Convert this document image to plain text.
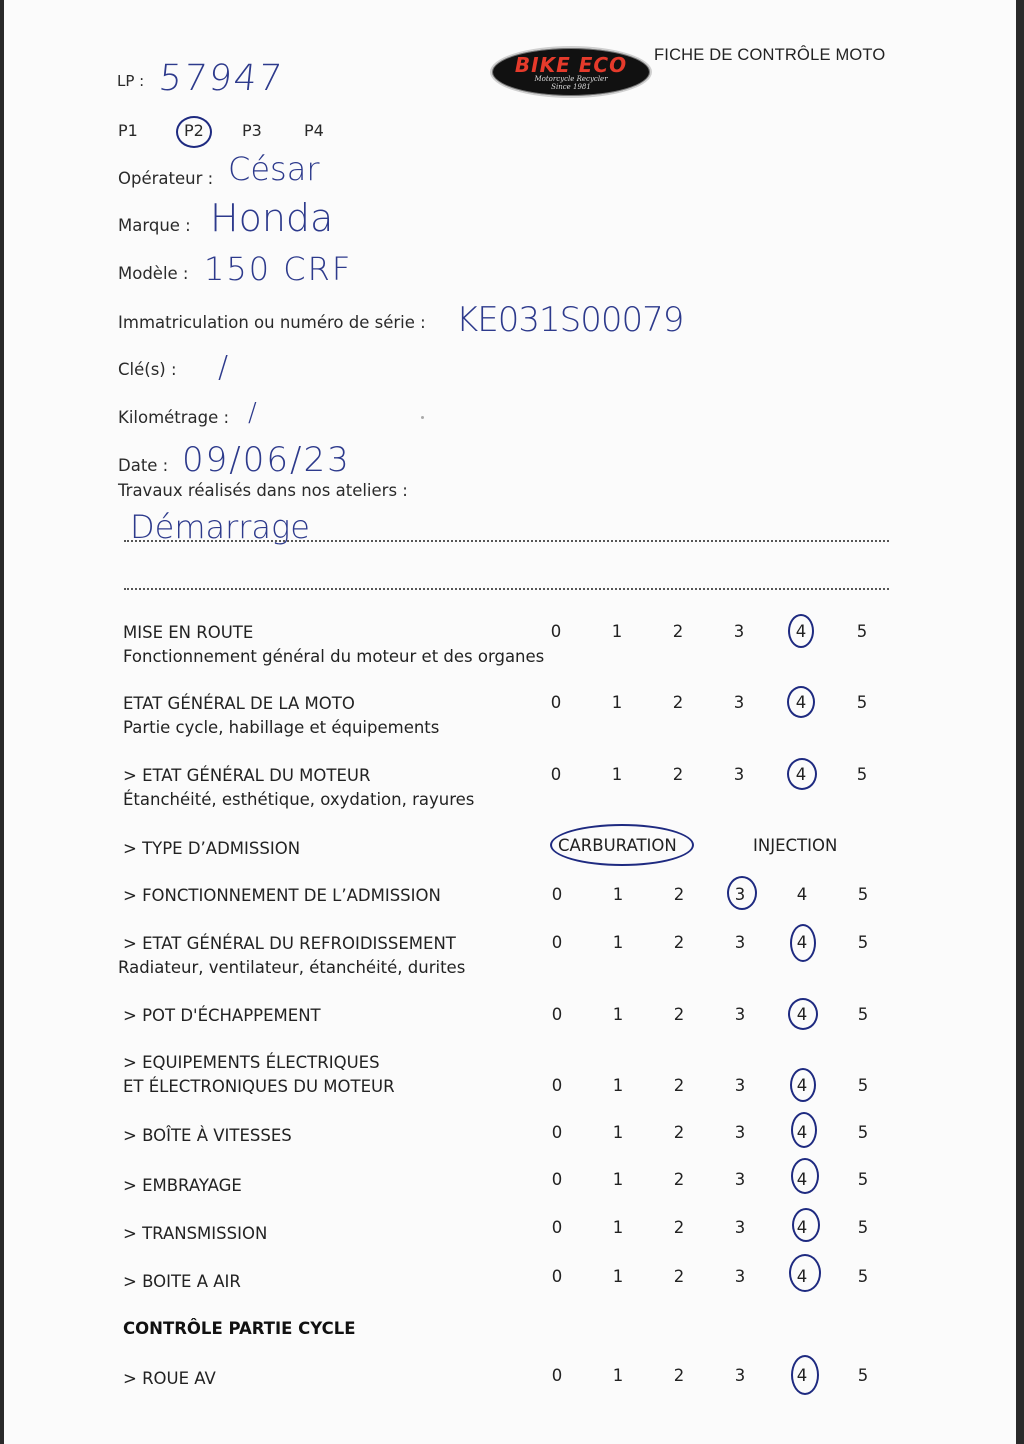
BIKE ECO
Motorcycle Recycler
Since 1981
FICHE DE CONTRÔLE MOTO
LP : 57947
P1	P2 P3	P4
Opérateur : César
Marque : Honda
Modèle : 150 CRF
Immatriculation ou numéro de série : KE031S00079
Clé(s) : /
Kilométrage : /
Date : 09/06/23
Travaux réalisés dans nos ateliers :
Démarrage
MISE EN ROUTE
Fonctionnement général du moteur et des organes
0	1	2	3	4	5
ETAT GÉNÉRAL DE LA MOTO
Partie cycle, habillage et équipements
0	1	2	3	4	5
> ETAT GÉNÉRAL DU MOTEUR
Étanchéité, esthétique, oxydation, rayures
0	1	2	3	4	5
> TYPE D’ADMISSION	CARBURATION	INJECTION
> FONCTIONNEMENT DE L’ADMISSION	0	1	2	3	4	5
> ETAT GÉNÉRAL DU REFROIDISSEMENT
Radiateur, ventilateur, étanchéité, durites
0	1	2	3	4	5
> POT D'ÉCHAPPEMENT	0	1	2	3	4	5
> EQUIPEMENTS ÉLECTRIQUES
ET ÉLECTRONIQUES DU MOTEUR	0	1	2	3	4	5
> BOÎTE À VITESSES	0	1	2	3	4	5
> EMBRAYAGE	0	1	2	3	4	5
> TRANSMISSION	0	1	2	3	4	5
> BOITE A AIR	0	1	2	3	4	5
CONTRÔLE PARTIE CYCLE
> ROUE AV	0	1	2	3	4	5
